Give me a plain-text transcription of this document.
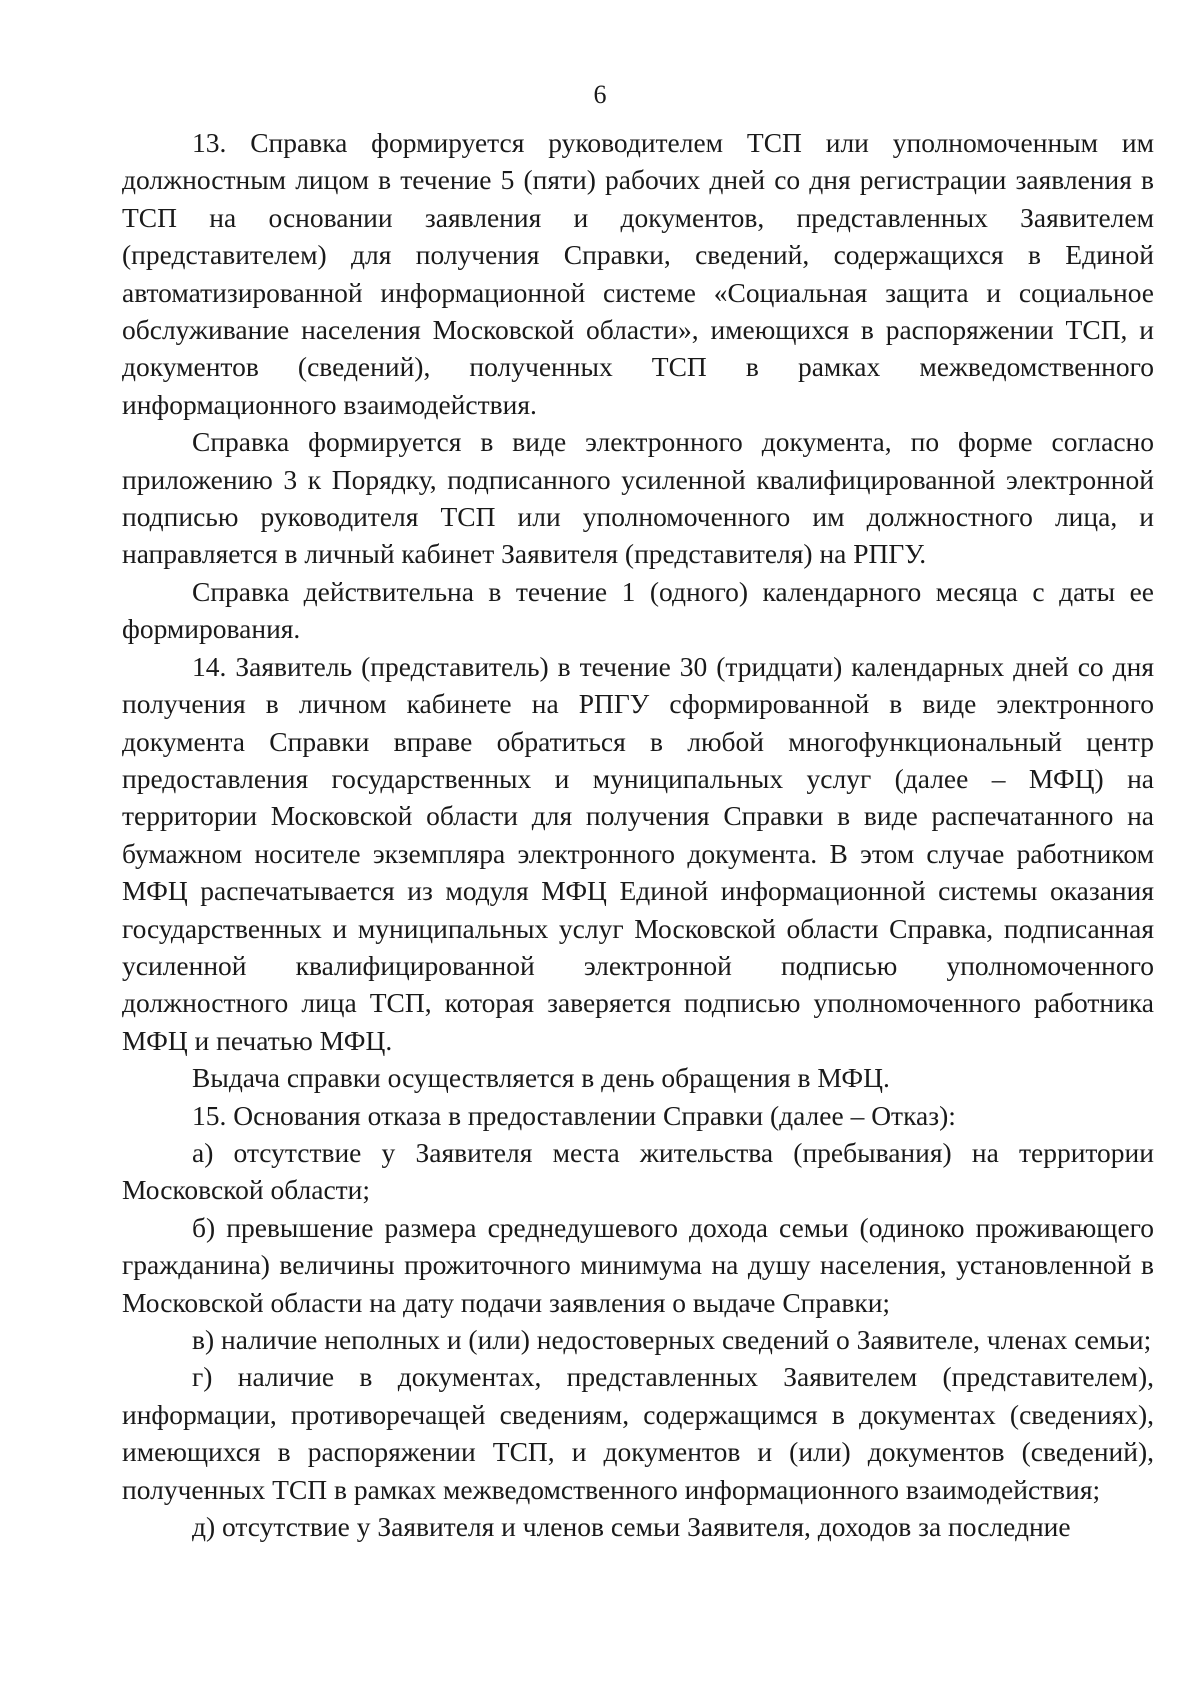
6

13. Справка формируется руководителем ТСП или уполномоченным им должностным лицом в течение 5 (пяти) рабочих дней со дня регистрации заявления в ТСП на основании заявления и документов, представленных Заявителем (представителем) для получения Справки, сведений, содержащихся в Единой автоматизированной информационной системе «Социальная защита и социальное обслуживание населения Московской области», имеющихся в распоряжении ТСП, и документов (сведений), полученных ТСП в рамках межведомственного информационного взаимодействия.

Справка формируется в виде электронного документа, по форме согласно приложению 3 к Порядку, подписанного усиленной квалифицированной электронной подписью руководителя ТСП или уполномоченного им должностного лица, и направляется в личный кабинет Заявителя (представителя) на РПГУ.

Справка действительна в течение 1 (одного) календарного месяца с даты ее формирования.

14. Заявитель (представитель) в течение 30 (тридцати) календарных дней со дня получения в личном кабинете на РПГУ сформированной в виде электронного документа Справки вправе обратиться в любой многофункциональный центр предоставления государственных и муниципальных услуг (далее – МФЦ) на территории Московской области для получения Справки в виде распечатанного на бумажном носителе экземпляра электронного документа. В этом случае работником МФЦ распечатывается из модуля МФЦ Единой информационной системы оказания государственных и муниципальных услуг Московской области Справка, подписанная усиленной квалифицированной электронной подписью уполномоченного должностного лица ТСП, которая заверяется подписью уполномоченного работника МФЦ и печатью МФЦ.

Выдача справки осуществляется в день обращения в МФЦ.

15. Основания отказа в предоставлении Справки (далее – Отказ):

а) отсутствие у Заявителя места жительства (пребывания) на территории Московской области;

б) превышение размера среднедушевого дохода семьи (одиноко проживающего гражданина) величины прожиточного минимума на душу населения, установленной в Московской области на дату подачи заявления о выдаче Справки;

в) наличие неполных и (или) недостоверных сведений о Заявителе, членах семьи;

г) наличие в документах, представленных Заявителем (представителем), информации, противоречащей сведениям, содержащимся в документах (сведениях), имеющихся в распоряжении ТСП, и документов и (или) документов (сведений), полученных ТСП в рамках межведомственного информационного взаимодействия;

д) отсутствие у Заявителя и членов семьи Заявителя, доходов за последние
